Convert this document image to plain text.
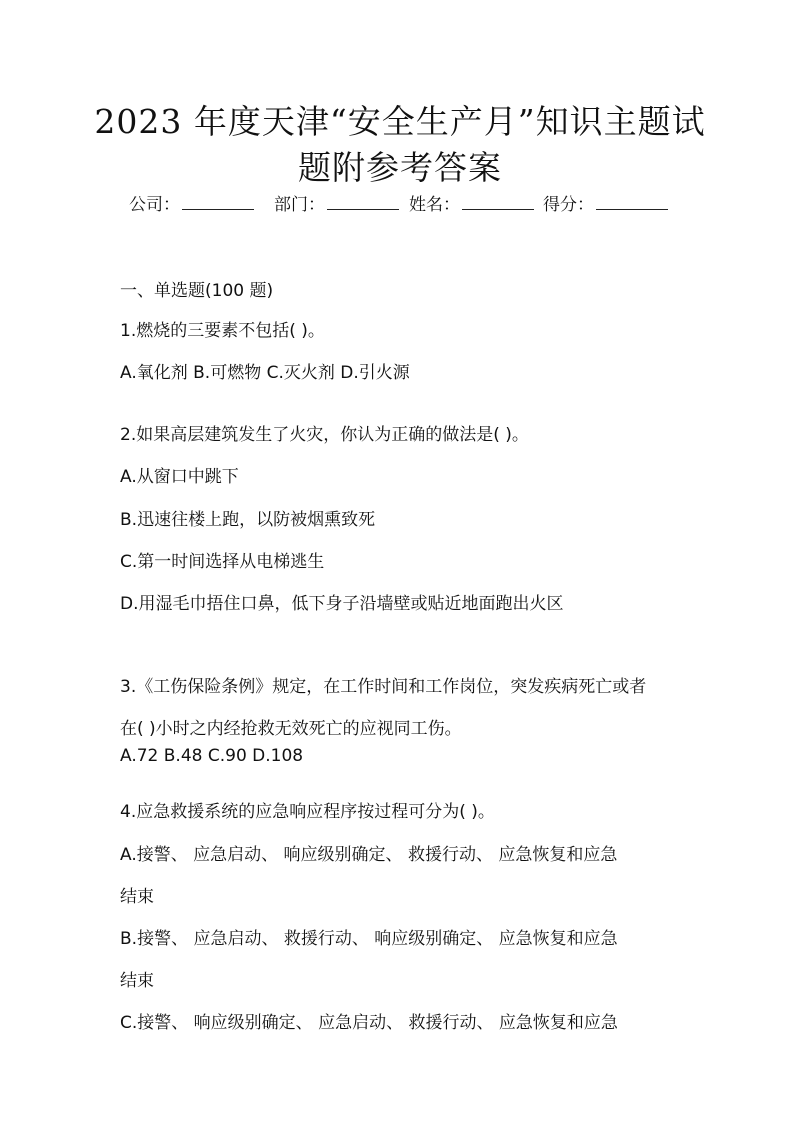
2023 年度天津“安全生产月”知识主题试
题附参考答案
公司：	部门：	姓名：	得分：
一、单选题(100 题)
1.燃烧的三要素不包括( )。
A.氧化剂 B.可燃物 C.灭火剂 D.引火源
2.如果高层建筑发生了火灾，你认为正确的做法是( )。
A.从窗口中跳下
B.迅速往楼上跑，以防被烟熏致死
C.第一时间选择从电梯逃生
D.用湿毛巾捂住口鼻，低下身子沿墙壁或贴近地面跑出火区
3.《工伤保险条例》规定，在工作时间和工作岗位，突发疾病死亡或者
在( )小时之内经抢救无效死亡的应视同工伤。
A.72 B.48 C.90 D.108
4.应急救援系统的应急响应程序按过程可分为( )。
A.接警、 应急启动、 响应级别确定、 救援行动、 应急恢复和应急
结束
B.接警、 应急启动、 救援行动、 响应级别确定、 应急恢复和应急
结束
C.接警、 响应级别确定、 应急启动、 救援行动、 应急恢复和应急
